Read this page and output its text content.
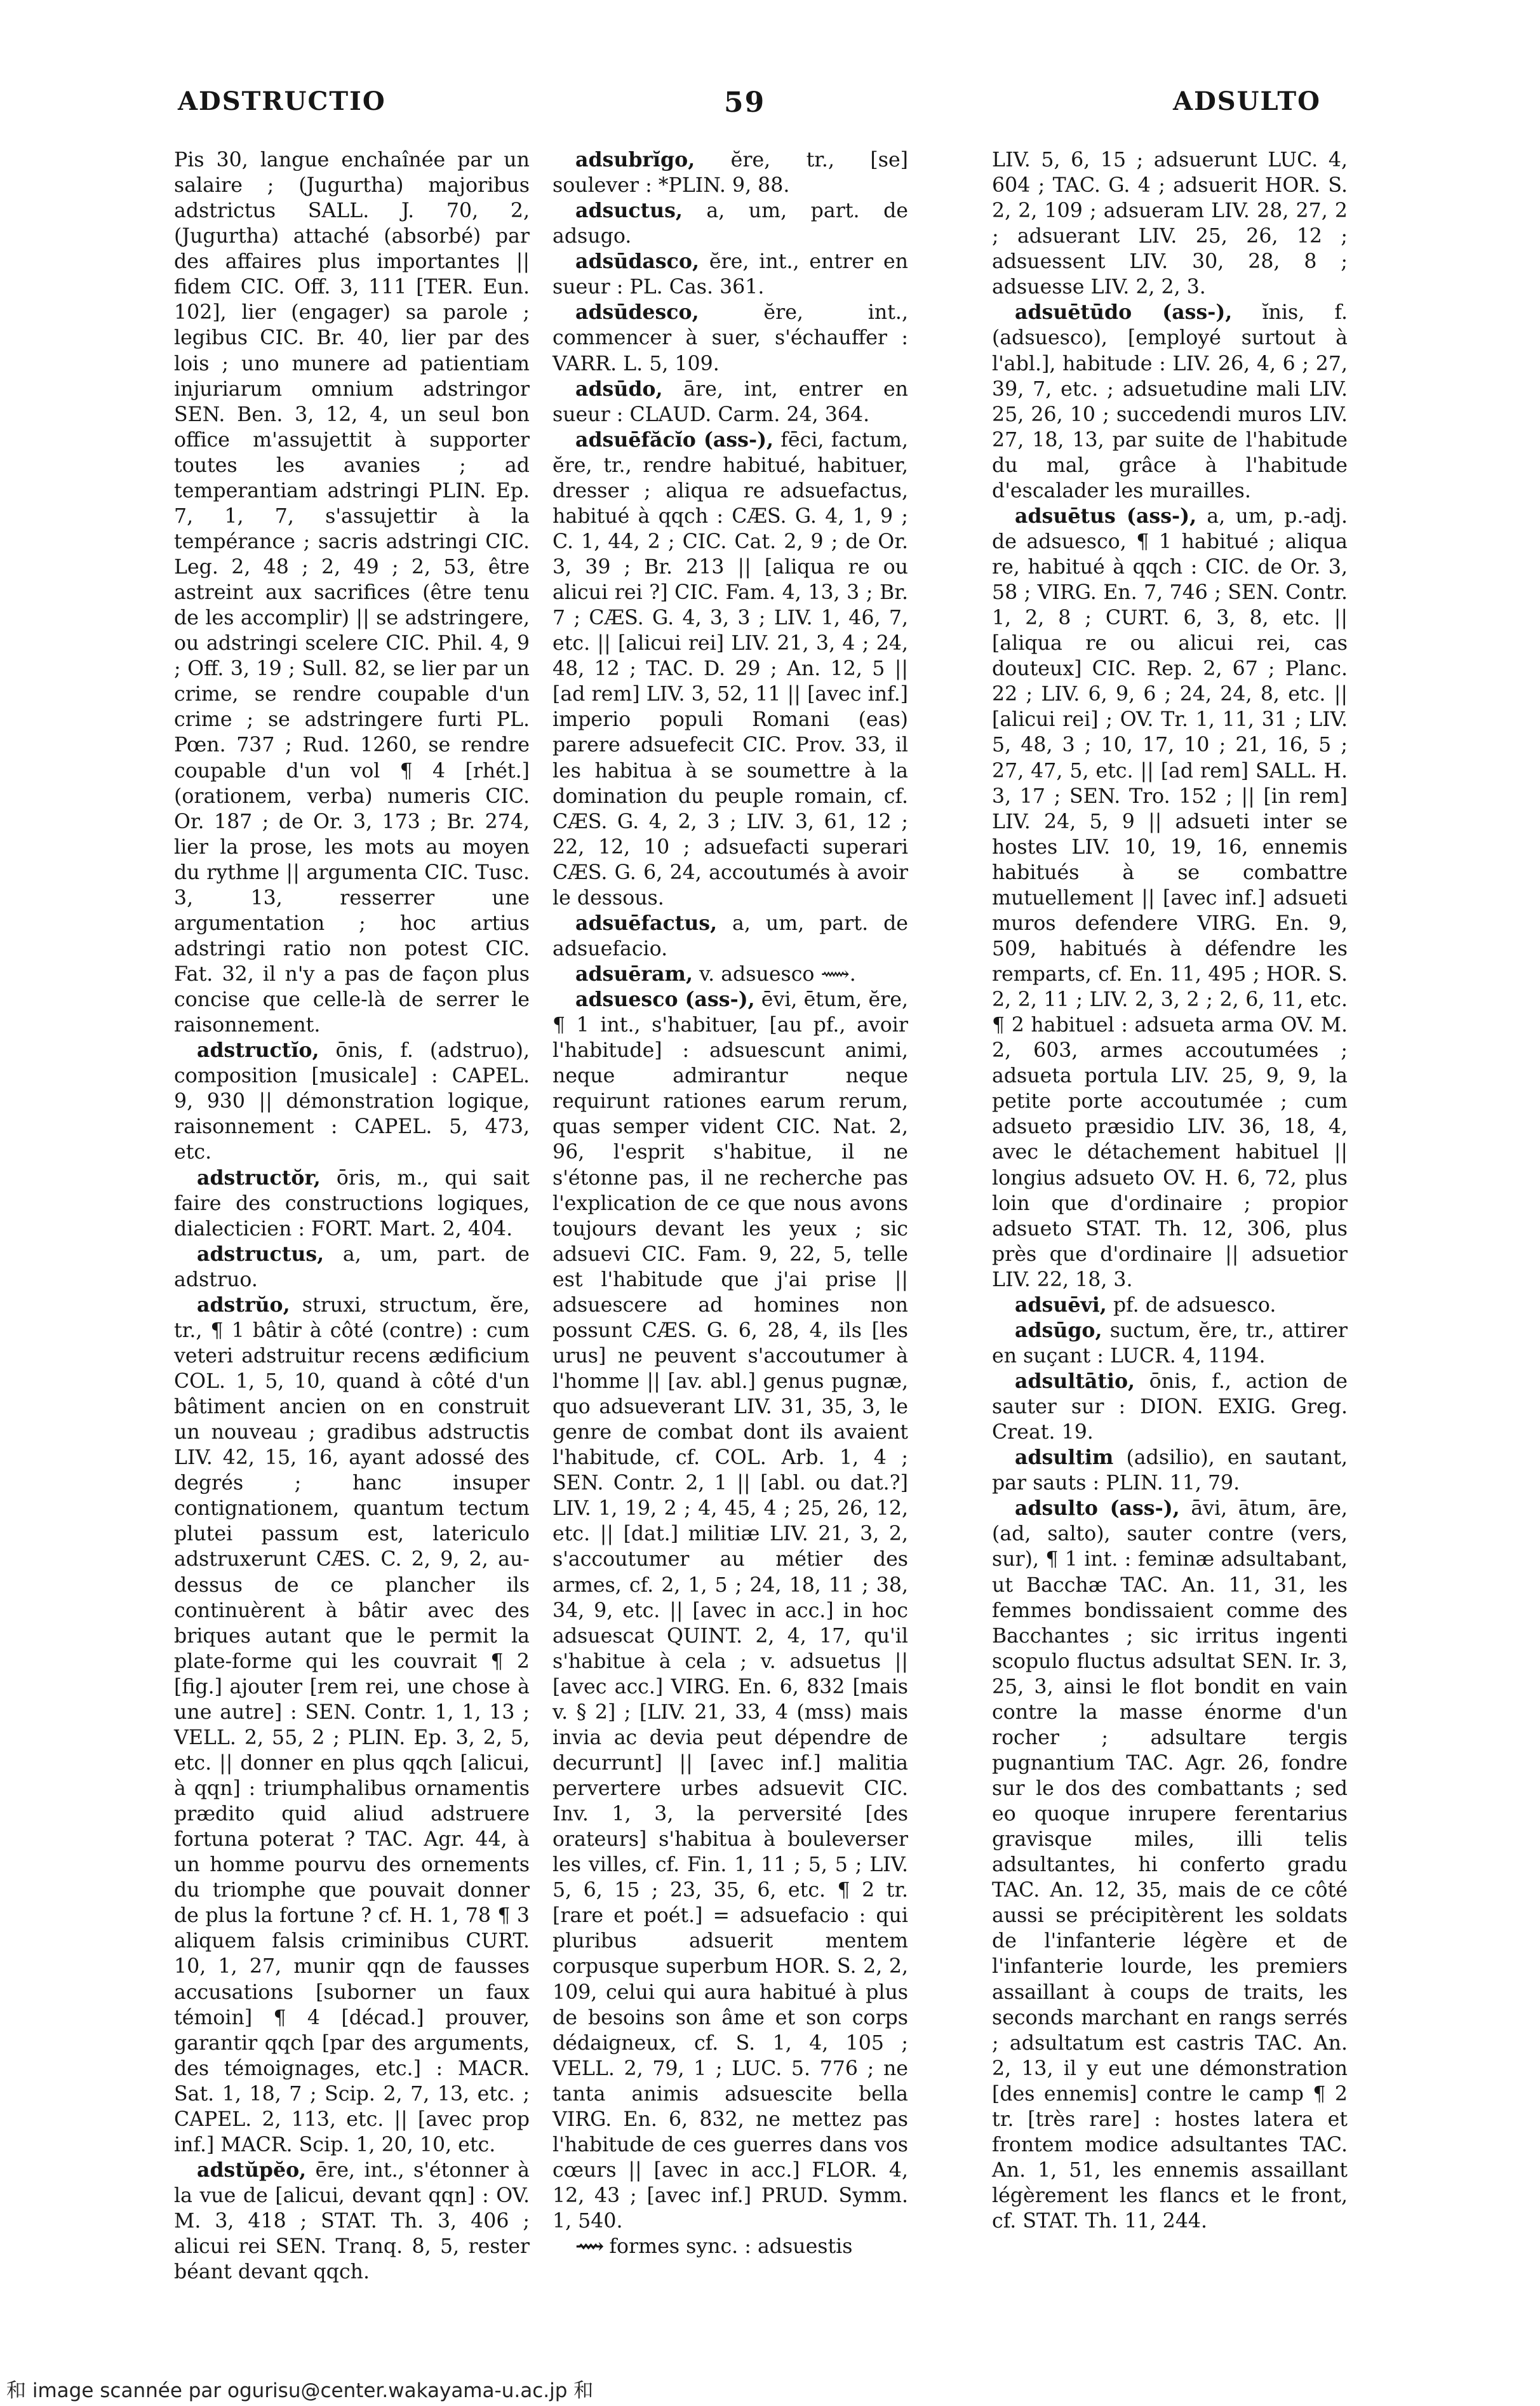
ADSTRUCTIO	59	ADSULTO

Pis 30, langue enchaînée par un salaire ; (Jugurtha) majoribus adstrictus SALL. J. 70, 2, (Jugurtha) attaché (absorbé) par des affaires plus importantes || fidem CIC. Off. 3, 111 [TER. Eun. 102], lier (engager) sa parole ; legibus CIC. Br. 40, lier par des lois ; uno munere ad patientiam injuriarum omnium adstringor SEN. Ben. 3, 12, 4, un seul bon office m'assujettit à supporter toutes les avanies ; ad temperantiam adstringi PLIN. Ep. 7, 1, 7, s'assujettir à la tempérance ; sacris adstringi CIC. Leg. 2, 48 ; 2, 49 ; 2, 53, être astreint aux sacrifices (être tenu de les accomplir) || se adstringere, ou adstringi scelere CIC. Phil. 4, 9 ; Off. 3, 19 ; Sull. 82, se lier par un crime, se rendre coupable d'un crime ; se adstringere furti PL. Pœn. 737 ; Rud. 1260, se rendre coupable d'un vol ¶ 4 [rhét.] (orationem, verba) numeris CIC. Or. 187 ; de Or. 3, 173 ; Br. 274, lier la prose, les mots au moyen du rythme || argumenta CIC. Tusc. 3, 13, resserrer une argumentation ; hoc artius adstringi ratio non potest CIC. Fat. 32, il n'y a pas de façon plus concise que celle-là de serrer le raisonnement.

adstructĭo, ōnis, f. (adstruo), composition [musicale] : CAPEL. 9, 930 || démonstration logique, raisonnement : CAPEL. 5, 473, etc.

adstructŏr, ōris, m., qui sait faire des constructions logiques, dialecticien : FORT. Mart. 2, 404.

adstructus, a, um, part. de adstruo.

adstrŭo, struxi, structum, ĕre, tr., ¶ 1 bâtir à côté (contre) : cum veteri adstruitur recens ædificium COL. 1, 5, 10, quand à côté d'un bâtiment ancien on en construit un nouveau ; gradibus adstructis LIV. 42, 15, 16, ayant adossé des degrés ; hanc insuper contignationem, quantum tectum plutei passum est, latericulo adstruxerunt CÆS. C. 2, 9, 2, au-dessus de ce plancher ils continuèrent à bâtir avec des briques autant que le permit la plate-forme qui les couvrait ¶ 2 [fig.] ajouter [rem rei, une chose à une autre] : SEN. Contr. 1, 1, 13 ; VELL. 2, 55, 2 ; PLIN. Ep. 3, 2, 5, etc. || donner en plus qqch [alicui, à qqn] : triumphalibus ornamentis prædito quid aliud adstruere fortuna poterat ? TAC. Agr. 44, à un homme pourvu des ornements du triomphe que pouvait donner de plus la fortune ? cf. H. 1, 78 ¶ 3 aliquem falsis criminibus CURT. 10, 1, 27, munir qqn de fausses accusations [suborner un faux témoin] ¶ 4 [décad.] prouver, garantir qqch [par des arguments, des témoignages, etc.] : MACR. Sat. 1, 18, 7 ; Scip. 2, 7, 13, etc. ; CAPEL. 2, 113, etc. || [avec prop inf.] MACR. Scip. 1, 20, 10, etc.

adstŭpĕo, ēre, int., s'étonner à la vue de [alicui, devant qqn] : OV. M. 3, 418 ; STAT. Th. 3, 406 ; alicui rei SEN. Tranq. 8, 5, rester béant devant qqch.

adsubrĭgo, ĕre, tr., [se] soulever : *PLIN. 9, 88.

adsuctus, a, um, part. de adsugo.

adsūdasco, ĕre, int., entrer en sueur : PL. Cas. 361.

adsūdesco,	ĕre, int., commencer à suer, s'échauffer : VARR. L. 5, 109.

adsūdo, āre, int, entrer en sueur : CLAUD. Carm. 24, 364.

adsuēfăcĭo (ass-), fēci, factum, ĕre, tr., rendre habitué, habituer, dresser ; aliqua re adsuefactus, habitué à qqch : CÆS. G. 4, 1, 9 ; C. 1, 44, 2 ; CIC. Cat. 2, 9 ; de Or. 3, 39 ; Br. 213 || [aliqua re ou alicui rei ?] CIC. Fam. 4, 13, 3 ; Br. 7 ; CÆS. G. 4, 3, 3 ; LIV. 1, 46, 7, etc. || [alicui rei] LIV. 21, 3, 4 ; 24, 48, 12 ; TAC. D. 29 ; An. 12, 5 || [ad rem] LIV. 3, 52, 11 || [avec inf.] imperio populi Romani (eas) parere adsuefecit CIC. Prov. 33, il les habitua à se soumettre à la domination du peuple romain, cf. CÆS. G. 4, 2, 3 ; LIV. 3, 61, 12 ; 22, 12, 10 ; adsuefacti superari CÆS. G. 6, 24, accoutumés à avoir le dessous.

adsuēfactus, a, um, part. de adsuefacio.

adsuēram, v. adsuesco ⟿.

adsuesco (ass-), ēvi, ētum, ĕre, ¶ 1 int., s'habituer, [au pf., avoir l'habitude] : adsuescunt animi, neque admirantur neque requirunt rationes earum rerum, quas semper vident CIC. Nat. 2, 96, l'esprit s'habitue, il ne s'étonne pas, il ne recherche pas l'explication de ce que nous avons toujours devant les yeux ; sic adsuevi CIC. Fam. 9, 22, 5, telle est l'habitude que j'ai prise || adsuescere ad homines non possunt CÆS. G. 6, 28, 4, ils [les urus] ne peuvent s'accoutumer à l'homme || [av. abl.] genus pugnæ, quo adsueverant LIV. 31, 35, 3, le genre de combat dont ils avaient l'habitude, cf. COL. Arb. 1, 4 ; SEN. Contr. 2, 1 || [abl. ou dat.?] LIV. 1, 19, 2 ; 4, 45, 4 ; 25, 26, 12, etc. || [dat.] militiæ LIV. 21, 3, 2, s'accoutumer au métier des armes, cf. 2, 1, 5 ; 24, 18, 11 ; 38, 34, 9, etc. || [avec in acc.] in hoc adsuescat QUINT. 2, 4, 17, qu'il s'habitue à cela ; v. adsuetus || [avec acc.] VIRG. En. 6, 832 [mais v. § 2] ; [LIV. 21, 33, 4 (mss) mais invia ac devia peut dépendre de decurrunt] || [avec inf.] malitia pervertere urbes adsuevit CIC. Inv. 1, 3, la perversité [des orateurs] s'habitua à bouleverser les villes, cf. Fin. 1, 11 ; 5, 5 ; LIV. 5, 6, 15 ; 23, 35, 6, etc. ¶ 2 tr. [rare et poét.] = adsuefacio : qui pluribus adsuerit mentem corpusque superbum HOR. S. 2, 2, 109, celui qui aura habitué à plus de besoins son âme et son corps dédaigneux, cf. S. 1, 4, 105 ; VELL. 2, 79, 1 ; LUC. 5. 776 ; ne tanta animis adsuescite bella VIRG. En. 6, 832, ne mettez pas l'habitude de ces guerres dans vos cœurs || [avec in acc.] FLOR. 4, 12, 43 ; [avec inf.] PRUD. Symm. 1, 540.

⟿ formes sync. : adsuestis

LIV. 5, 6, 15 ; adsuerunt LUC. 4, 604 ; TAC. G. 4 ; adsuerit HOR. S. 2, 2, 109 ; adsueram LIV. 28, 27, 2 ; adsuerant LIV. 25, 26, 12 ; adsuessent LIV. 30, 28, 8 ; adsuesse LIV. 2, 2, 3.

adsuētūdo (ass-), ĭnis, f. (adsuesco), [employé surtout à l'abl.], habitude : LIV. 26, 4, 6 ; 27, 39, 7, etc. ; adsuetudine mali LIV. 25, 26, 10 ; succedendi muros LIV. 27, 18, 13, par suite de l'habitude du mal, grâce à l'habitude d'escalader les murailles.

adsuētus (ass-), a, um, p.-adj. de adsuesco, ¶ 1 habitué ; aliqua re, habitué à qqch : CIC. de Or. 3, 58 ; VIRG. En. 7, 746 ; SEN. Contr. 1, 2, 8 ; CURT. 6, 3, 8, etc. || [aliqua re ou alicui rei, cas douteux] CIC. Rep. 2, 67 ; Planc. 22 ; LIV. 6, 9, 6 ; 24, 24, 8, etc. || [alicui rei] ; OV. Tr. 1, 11, 31 ; LIV. 5, 48, 3 ; 10, 17, 10 ; 21, 16, 5 ; 27, 47, 5, etc. || [ad rem] SALL. H. 3, 17 ; SEN. Tro. 152 ; || [in rem] LIV. 24, 5, 9 || adsueti inter se hostes LIV. 10, 19, 16, ennemis habitués à se combattre mutuellement || [avec inf.] adsueti muros defendere VIRG. En. 9, 509, habitués à défendre les remparts, cf. En. 11, 495 ; HOR. S. 2, 2, 11 ; LIV. 2, 3, 2 ; 2, 6, 11, etc. ¶ 2 habituel : adsueta arma OV. M. 2, 603, armes accoutumées ; adsueta portula LIV. 25, 9, 9, la petite porte accoutumée ; cum adsueto præsidio LIV. 36, 18, 4, avec le détachement habituel || longius adsueto OV. H. 6, 72, plus loin que d'ordinaire ; propior adsueto STAT. Th. 12, 306, plus près que d'ordinaire || adsuetior LIV. 22, 18, 3.

adsuēvi, pf. de adsuesco.

adsūgo, suctum, ĕre, tr., attirer en suçant : LUCR. 4, 1194.

adsultātio, ōnis, f., action de sauter sur : DION. EXIG. Greg. Creat. 19.

adsultim (adsilio), en sautant, par sauts : PLIN. 11, 79.

adsulto (ass-), āvi, ātum, āre, (ad, salto), sauter contre (vers, sur), ¶ 1 int. : feminæ adsultabant, ut Bacchæ TAC. An. 11, 31, les femmes bondissaient comme des Bacchantes ; sic irritus ingenti scopulo fluctus adsultat SEN. Ir. 3, 25, 3, ainsi le flot bondit en vain contre la masse énorme d'un rocher ; adsultare tergis pugnantium TAC. Agr. 26, fondre sur le dos des combattants ; sed eo quoque inrupere ferentarius gravisque miles, illi telis adsultantes, hi conferto gradu TAC. An. 12, 35, mais de ce côté aussi se précipitèrent les soldats de l'infanterie légère et de l'infanterie lourde, les premiers assaillant à coups de traits, les seconds marchant en rangs serrés ; adsultatum est castris TAC. An. 2, 13, il y eut une démonstration [des ennemis] contre le camp ¶ 2 tr. [très rare] : hostes latera et frontem modice adsultantes TAC. An. 1, 51, les ennemis assaillant légèrement les flancs et le front, cf. STAT. Th. 11, 244.

和 image scannée par ogurisu@center.wakayama-u.ac.jp 和
